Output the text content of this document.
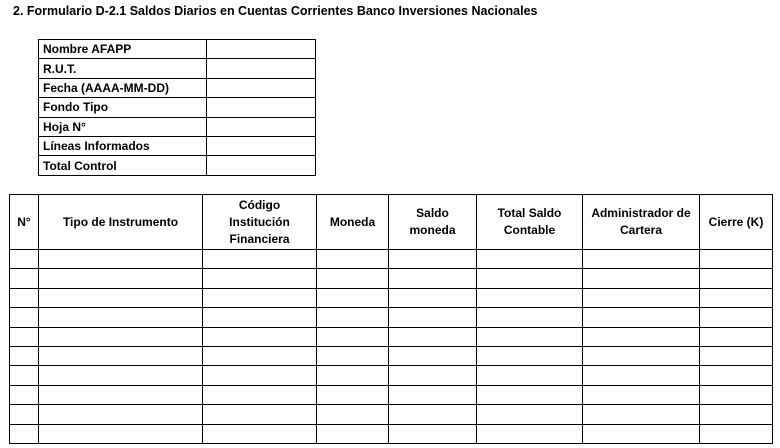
2. Formulario D-2.1 Saldos Diarios en Cuentas Corrientes Banco Inversiones Nacionales
Nombre AFAPP	
R.U.T.	
Fecha (AAAA-MM-DD)	
Fondo Tipo	
Hoja N°	
Líneas Informados	
Total Control	
N°	Tipo de Instrumento	Código Institución Financiera	Moneda	Saldo moneda	Total Saldo Contable	Administrador de Cartera	Cierre (K)
